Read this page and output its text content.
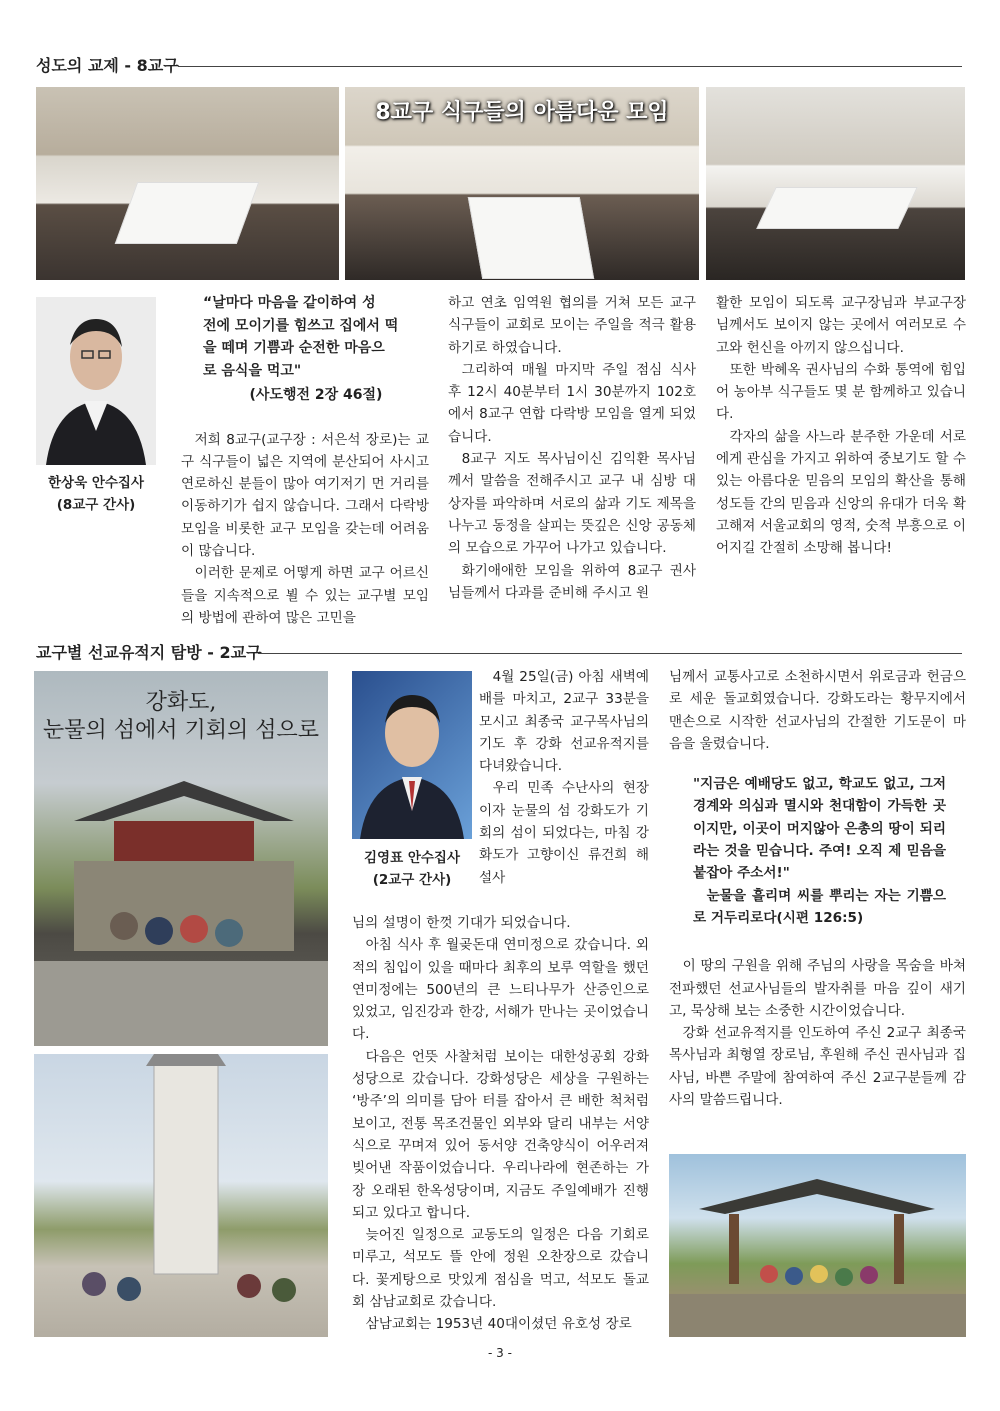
성도의 교제 - 8교구
8교구 식구들의 아름다운 모임
한상욱 안수집사
(8교구 간사)
“날마다 마음을 같이하여 성
전에 모이기를 힘쓰고 집에서 떡
을 떼며 기쁨과 순전한 마음으
로 음식을 먹고"
(사도행전 2장 46절)

저희 8교구(교구장 : 서은석 장로)는 교구 식구들이 넓은 지역에 분산되어 사시고 연로하신 분들이 많아 여기저기 먼 거리를 이동하기가 쉽지 않습니다. 그래서 다락방 모임을 비롯한 교구 모임을 갖는데 어려움이 많습니다.

이러한 문제로 어떻게 하면 교구 어르신들을 지속적으로 뵐 수 있는 교구별 모임의 방법에 관하여 많은 고민을

하고 연초 임역원 협의를 거쳐 모든 교구 식구들이 교회로 모이는 주일을 적극 활용하기로 하였습니다.

그리하여 매월 마지막 주일 점심 식사 후 12시 40분부터 1시 30분까지 102호에서 8교구 연합 다락방 모임을 열게 되었습니다.

8교구 지도 목사님이신 김익환 목사님께서 말씀을 전해주시고 교구 내 심방 대상자를 파악하며 서로의 삶과 기도 제목을 나누고 동정을 살피는 뜻깊은 신앙 공동체의 모습으로 가꾸어 나가고 있습니다.

화기애애한 모임을 위하여 8교구 권사님들께서 다과를 준비해 주시고 원

활한 모임이 되도록 교구장님과 부교구장님께서도 보이지 않는 곳에서 여러모로 수고와 헌신을 아끼지 않으십니다.

또한 박혜옥 권사님의 수화 통역에 힘입어 농아부 식구들도 몇 분 함께하고 있습니다.

각자의 삶을 사느라 분주한 가운데 서로에게 관심을 가지고 위하여 중보기도 할 수 있는 아름다운 믿음의 모임의 확산을 통해 성도들 간의 믿음과 신앙의 유대가 더욱 확고해져 서울교회의 영적, 숫적 부흥으로 이어지길 간절히 소망해 봅니다!

교구별 선교유적지 탐방 - 2교구
강화도,
눈물의 섬에서 기회의 섬으로
김영표 안수집사
(2교구 간사)

4월 25일(금) 아침 새벽예배를 마치고, 2교구 33분을 모시고 최종국 교구목사님의 기도 후 강화 선교유적지를 다녀왔습니다.

우리 민족 수난사의 현장이자 눈물의 섬 강화도가 기회의 섬이 되었다는, 마침 강화도가 고향이신 류건희 해설사

님의 설명이 한껏 기대가 되었습니다.

아침 식사 후 월곶돈대 연미정으로 갔습니다. 외적의 침입이 있을 때마다 최후의 보루 역할을 했던 연미정에는 500년의 큰 느티나무가 산증인으로 있었고, 임진강과 한강, 서해가 만나는 곳이었습니다.

다음은 언뜻 사찰처럼 보이는 대한성공회 강화성당으로 갔습니다. 강화성당은 세상을 구원하는 ‘방주’의 의미를 담아 터를 잡아서 큰 배한 척처럼 보이고, 전통 목조건물인 외부와 달리 내부는 서양식으로 꾸며져 있어 동서양 건축양식이 어우러져 빚어낸 작품이었습니다. 우리나라에 현존하는 가장 오래된 한옥성당이며, 지금도 주일예배가 진행되고 있다고 합니다.

늦어진 일정으로 교동도의 일정은 다음 기회로 미루고, 석모도 뜰 안에 정원 오찬장으로 갔습니다. 꽃게탕으로 맛있게 점심을 먹고, 석모도 돌교회 삼남교회로 갔습니다.

삼남교회는 1953년 40대이셨던 유호성 장로

님께서 교통사고로 소천하시면서 위로금과 헌금으로 세운 돌교회였습니다. 강화도라는 황무지에서 맨손으로 시작한 선교사님의 간절한 기도문이 마음을 울렸습니다.

"지금은 예배당도 없고, 학교도 없고, 그저 경계와 의심과 멸시와 천대함이 가득한 곳이지만, 이곳이 머지않아 은총의 땅이 되리라는 것을 믿습니다. 주여! 오직 제 믿음을 붙잡아 주소서!"

눈물을 흘리며 씨를 뿌리는 자는 기쁨으로 거두리로다(시편 126:5)

이 땅의 구원을 위해 주님의 사랑을 목숨을 바쳐 전파했던 선교사님들의 발자취를 마음 깊이 새기고, 묵상해 보는 소중한 시간이었습니다.

강화 선교유적지를 인도하여 주신 2교구 최종국 목사님과 최형열 장로님, 후원해 주신 권사님과 집사님, 바쁜 주말에 참여하여 주신 2교구분들께 감사의 말씀드립니다.

- 3 -
